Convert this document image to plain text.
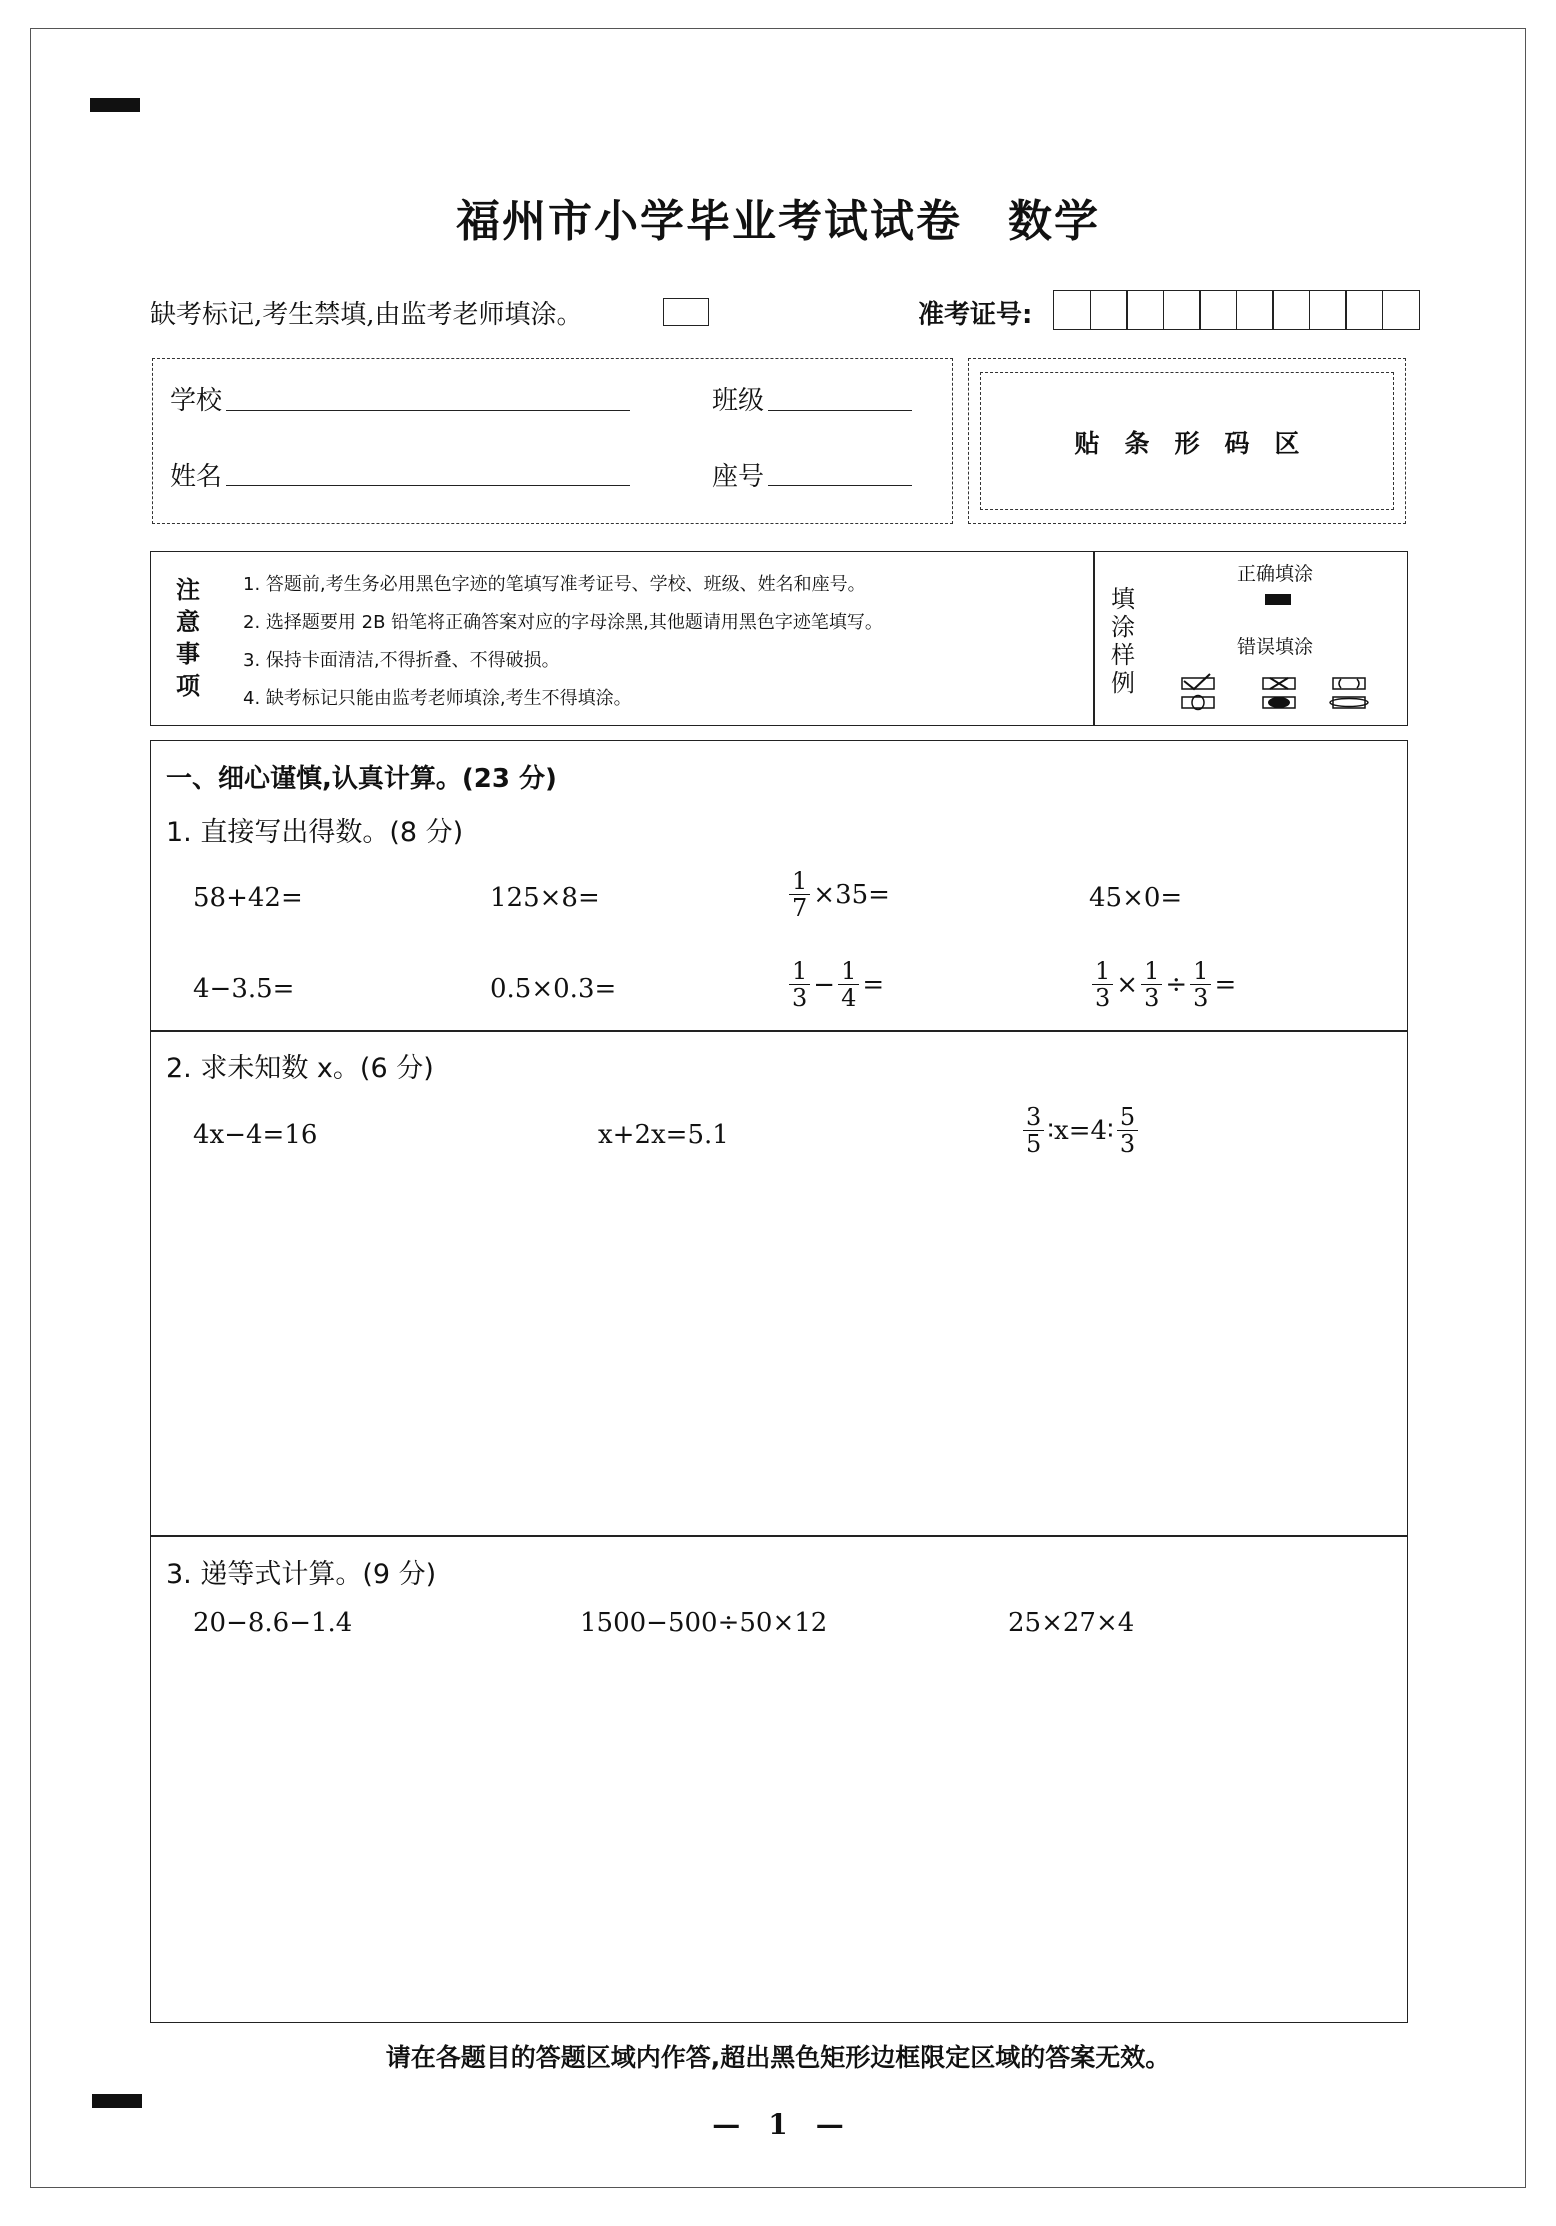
福州市小学毕业考试试卷　数学
缺考标记,考生禁填,由监考老师填涂。	准考证号:
学校	班级
姓名	座号
贴　条　形　码　区
注
意
事
项
1. 答题前,考生务必用黑色字迹的笔填写准考证号、学校、班级、姓名和座号。
2. 选择题要用 2B 铅笔将正确答案对应的字母涂黑,其他题请用黑色字迹笔填写。
3. 保持卡面清洁,不得折叠、不得破损。
4. 缺考标记只能由监考老师填涂,考生不得填涂。
填
涂
样
例
正确填涂
错误填涂
一、细心谨慎,认真计算。(23 分)
1. 直接写出得数。(8 分)
58+42=	125×8=	$\frac{1}{7} \times 35=$	45×0=
4−3.5=	0.5×0.3=	$\frac{1}{3} - \frac{1}{4}$ =	$\frac{1}{3} \times \frac{1}{3} \div \frac{1}{3}$ =
2. 求未知数 x。(6 分)
4x−4=16	x+2x=5.1	$\frac{3}{5}$ ∶x=4∶ $\frac{5}{3}$
3. 递等式计算。(9 分)
20−8.6−1.4	1500−500÷50×12	25×27×4
请在各题目的答题区域内作答,超出黑色矩形边框限定区域的答案无效。
—　1　—
